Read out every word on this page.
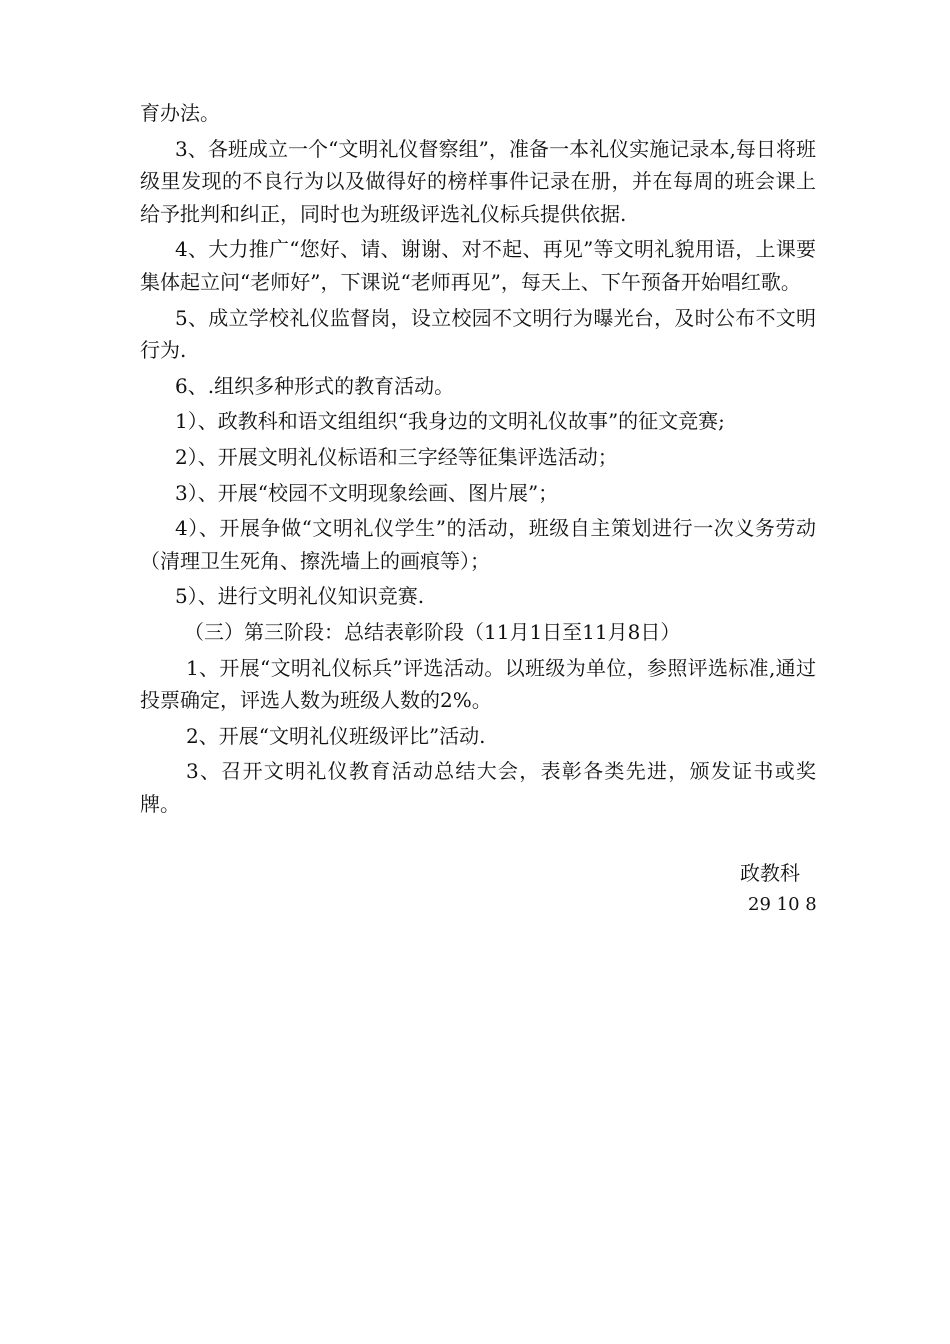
育办法。

3、各班成立一个“文明礼仪督察组”，准备一本礼仪实施记录本,每日将班级里发现的不良行为以及做得好的榜样事件记录在册，并在每周的班会课上给予批判和纠正，同时也为班级评选礼仪标兵提供依据.

4、大力推广“您好、请、谢谢、对不起、再见”等文明礼貌用语，上课要集体起立问“老师好”，下课说“老师再见”，每天上、下午预备开始唱红歌。

5、成立学校礼仪监督岗，设立校园不文明行为曝光台，及时公布不文明行为.

6、.组织多种形式的教育活动。

1）、政教科和语文组组织“我身边的文明礼仪故事”的征文竞赛;

2）、开展文明礼仪标语和三字经等征集评选活动；

3）、开展“校园不文明现象绘画、图片展”；

4）、开展争做“文明礼仪学生”的活动，班级自主策划进行一次义务劳动（清理卫生死角、擦洗墙上的画痕等）；

5）、进行文明礼仪知识竞赛.

（三）第三阶段：总结表彰阶段（11月1日至11月8日）

1、开展“文明礼仪标兵”评选活动。以班级为单位，参照评选标准,通过投票确定，评选人数为班级人数的2%。

2、开展“文明礼仪班级评比”活动.

3、召开文明礼仪教育活动总结大会，表彰各类先进，颁发证书或奖牌。

政教科
29 10 8
